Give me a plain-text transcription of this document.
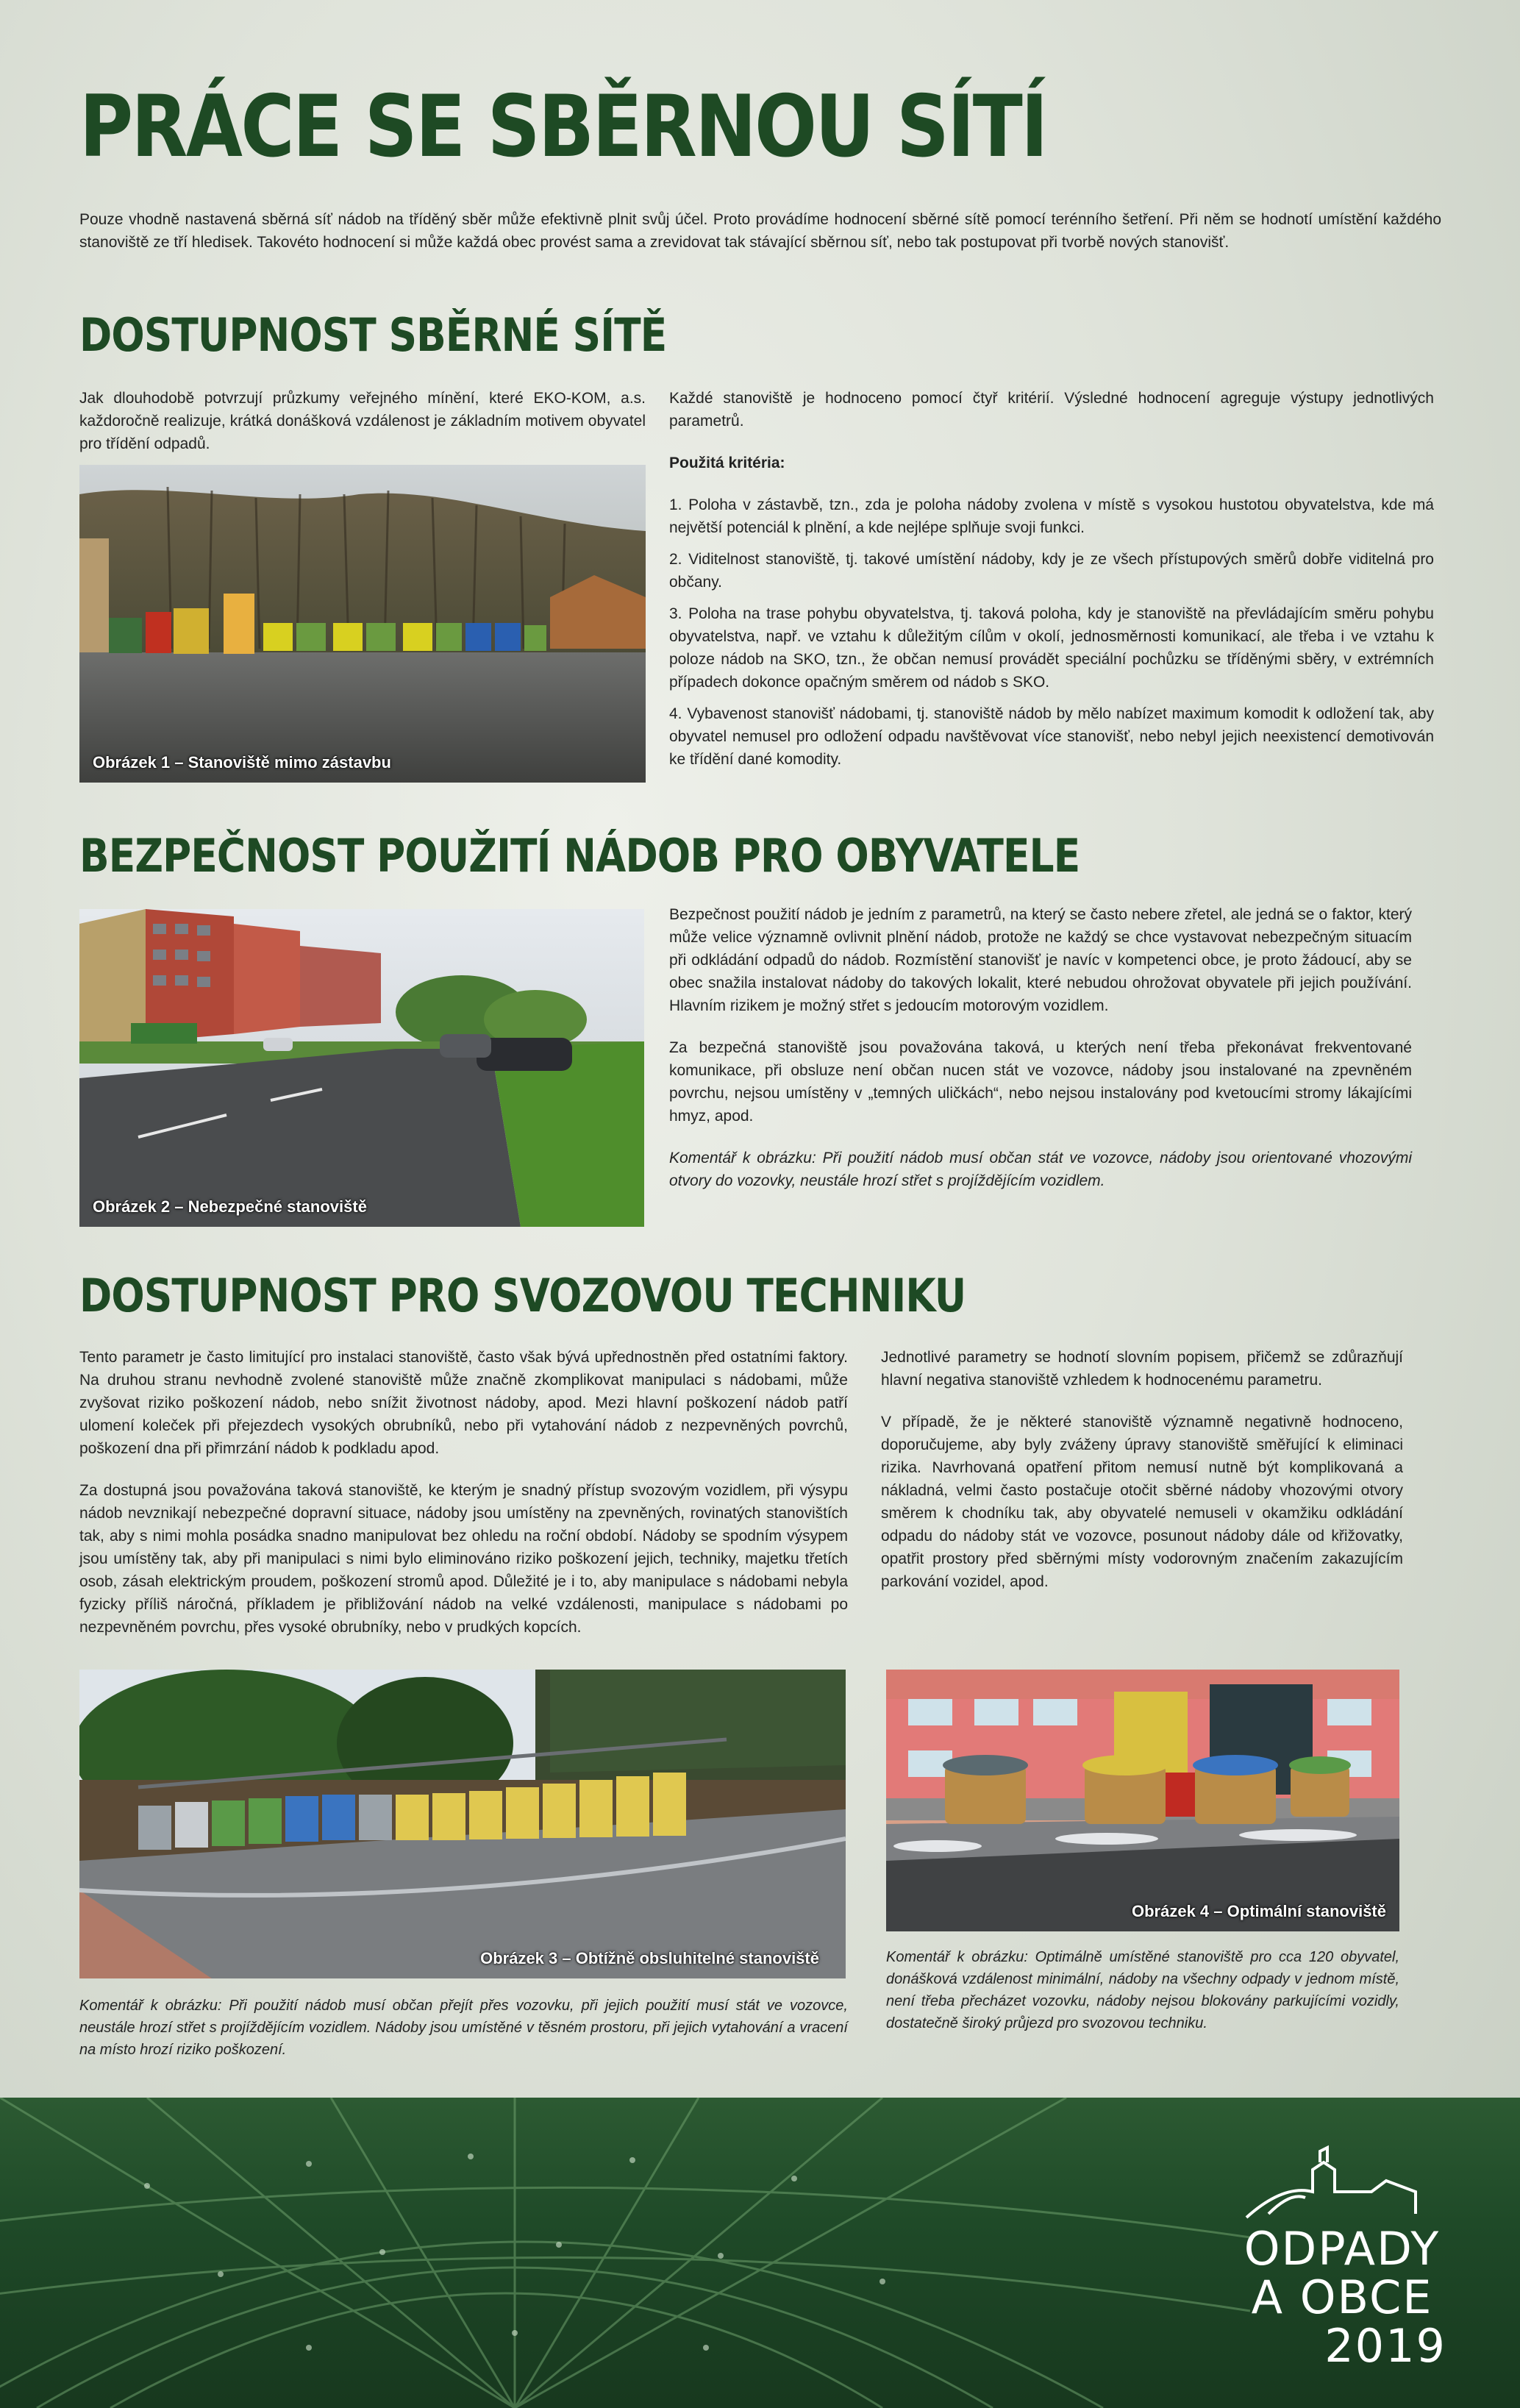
PRÁCE SE SBĚRNOU SÍTÍ
Pouze vhodně nastavená sběrná síť nádob na tříděný sběr může efektivně plnit svůj účel. Proto provádíme hodnocení sběrné sítě pomocí terénního šetření. Při něm se hodnotí umístění každého stanoviště ze tří hledisek. Takovéto hodnocení si může každá obec provést sama a zrevidovat tak stávající sběrnou síť, nebo tak postupovat při tvorbě nových stanovišť.
DOSTUPNOST SBĚRNÉ SÍTĚ
Jak dlouhodobě potvrzují průzkumy veřejného mínění, které EKO-KOM, a.s. každoročně realizuje, krátká donášková vzdálenost je základním motivem obyvatel pro třídění odpadů.
Obrázek 1 – Stanoviště mimo zástavbu

Každé stanoviště je hodnoceno pomocí čtyř kritérií. Výsledné hodnocení agreguje výstupy jednotlivých parametrů.

Použitá kritéria:

1. Poloha v zástavbě, tzn., zda je poloha nádoby zvolena v místě s vysokou hustotou obyvatelstva, kde má největší potenciál k plnění, a kde nejlépe splňuje svoji funkci.

2. Viditelnost stanoviště, tj. takové umístění nádoby, kdy je ze všech přístupových směrů dobře viditelná pro občany.

3. Poloha na trase pohybu obyvatelstva, tj. taková poloha, kdy je stanoviště na převládajícím směru pohybu obyvatelstva, např. ve vztahu k důležitým cílům v okolí, jednosměrnosti komunikací, ale třeba i ve vztahu k poloze nádob na SKO, tzn., že občan nemusí provádět speciální pochůzku se tříděnými sběry, v extrémních případech dokonce opačným směrem od nádob s SKO.

4. Vybavenost stanovišť nádobami, tj. stanoviště nádob by mělo nabízet maximum komodit k odložení tak, aby obyvatel nemusel pro odložení odpadu navštěvovat více stanovišť, nebo nebyl jejich neexistencí demotivován ke třídění dané komodity.

BEZPEČNOST POUŽITÍ NÁDOB PRO OBYVATELE
Obrázek 2 – Nebezpečné stanoviště

Bezpečnost použití nádob je jedním z parametrů, na který se často nebere zřetel, ale jedná se o faktor, který může velice významně ovlivnit plnění nádob, protože ne každý se chce vystavovat nebezpečným situacím při odkládání odpadů do nádob. Rozmístění stanovišť je navíc v kompetenci obce, je proto žádoucí, aby se obec snažila instalovat nádoby do takových lokalit, které nebudou ohrožovat obyvatele při jejich používání. Hlavním rizikem je možný střet s jedoucím motorovým vozidlem.

Za bezpečná stanoviště jsou považována taková, u kterých není třeba překonávat frekventované komunikace, při obsluze není občan nucen stát ve vozovce, nádoby jsou instalované na zpevněném povrchu, nejsou umístěny v „temných uličkách“, nebo nejsou instalovány pod kvetoucími stromy lákajícími hmyz, apod.

Komentář k obrázku: Při použití nádob musí občan stát ve vozovce, nádoby jsou orientované vhozovými otvory do vozovky, neustále hrozí střet s projíždějícím vozidlem.

DOSTUPNOST PRO SVOZOVOU TECHNIKU

Tento parametr je často limitující pro instalaci stanoviště, často však bývá upřednostněn před ostatními faktory. Na druhou stranu nevhodně zvolené stanoviště může značně zkomplikovat manipulaci s nádobami, může zvyšovat riziko poškození nádob, nebo snížit životnost nádoby, apod. Mezi hlavní poškození nádob patří ulomení koleček při přejezdech vysokých obrubníků, nebo při vytahování nádob z nezpevněných povrchů, poškození dna při přimrzání nádob k podkladu apod.

Za dostupná jsou považována taková stanoviště, ke kterým je snadný přístup svozovým vozidlem, při výsypu nádob nevznikají nebezpečné dopravní situace, nádoby jsou umístěny na zpevněných, rovinatých stanovištích tak, aby s nimi mohla posádka snadno manipulovat bez ohledu na roční období. Nádoby se spodním výsypem jsou umístěny tak, aby při manipulaci s nimi bylo eliminováno riziko poškození jejich, techniky, majetku třetích osob, zásah elektrickým proudem, poškození stromů apod. Důležité je i to, aby manipulace s nádobami nebyla fyzicky příliš náročná, příkladem je přibližování nádob na velké vzdálenosti, manipulace s nádobami po nezpevněném povrchu, přes vysoké obrubníky, nebo v prudkých kopcích.

Jednotlivé parametry se hodnotí slovním popisem, přičemž se zdůrazňují hlavní negativa stanoviště vzhledem k hodnocenému parametru.

V případě, že je některé stanoviště významně negativně hodnoceno, doporučujeme, aby byly zváženy úpravy stanoviště směřující k eliminaci rizika. Navrhovaná opatření přitom nemusí nutně být komplikovaná a nákladná, velmi často postačuje otočit sběrné nádoby vhozovými otvory směrem k chodníku tak, aby obyvatelé nemuseli v okamžiku odkládání odpadu do nádoby stát ve vozovce, posunout nádoby dále od křižovatky, opatřit prostory před sběrnými místy vodorovným značením zakazujícím parkování vozidel, apod.

Obrázek 3 – Obtížně obsluhitelné stanoviště
Komentář k obrázku: Při použití nádob musí občan přejít přes vozovku, při jejich použití musí stát ve vozovce, neustále hrozí střet s projíždějícím vozidlem. Nádoby jsou umístěné v těsném prostoru, při jejich vytahování a vracení na místo hrozí riziko poškození.
Obrázek 4 – Optimální stanoviště
Komentář k obrázku: Optimálně umístěné stanoviště pro cca 120 obyvatel, donášková vzdálenost minimální, nádoby na všechny odpady v jednom místě, není třeba přecházet vozovku, nádoby nejsou blokovány parkujícími vozidly, dostatečně široký průjezd pro svozovou techniku.
ODPADY
A OBCE
2019
